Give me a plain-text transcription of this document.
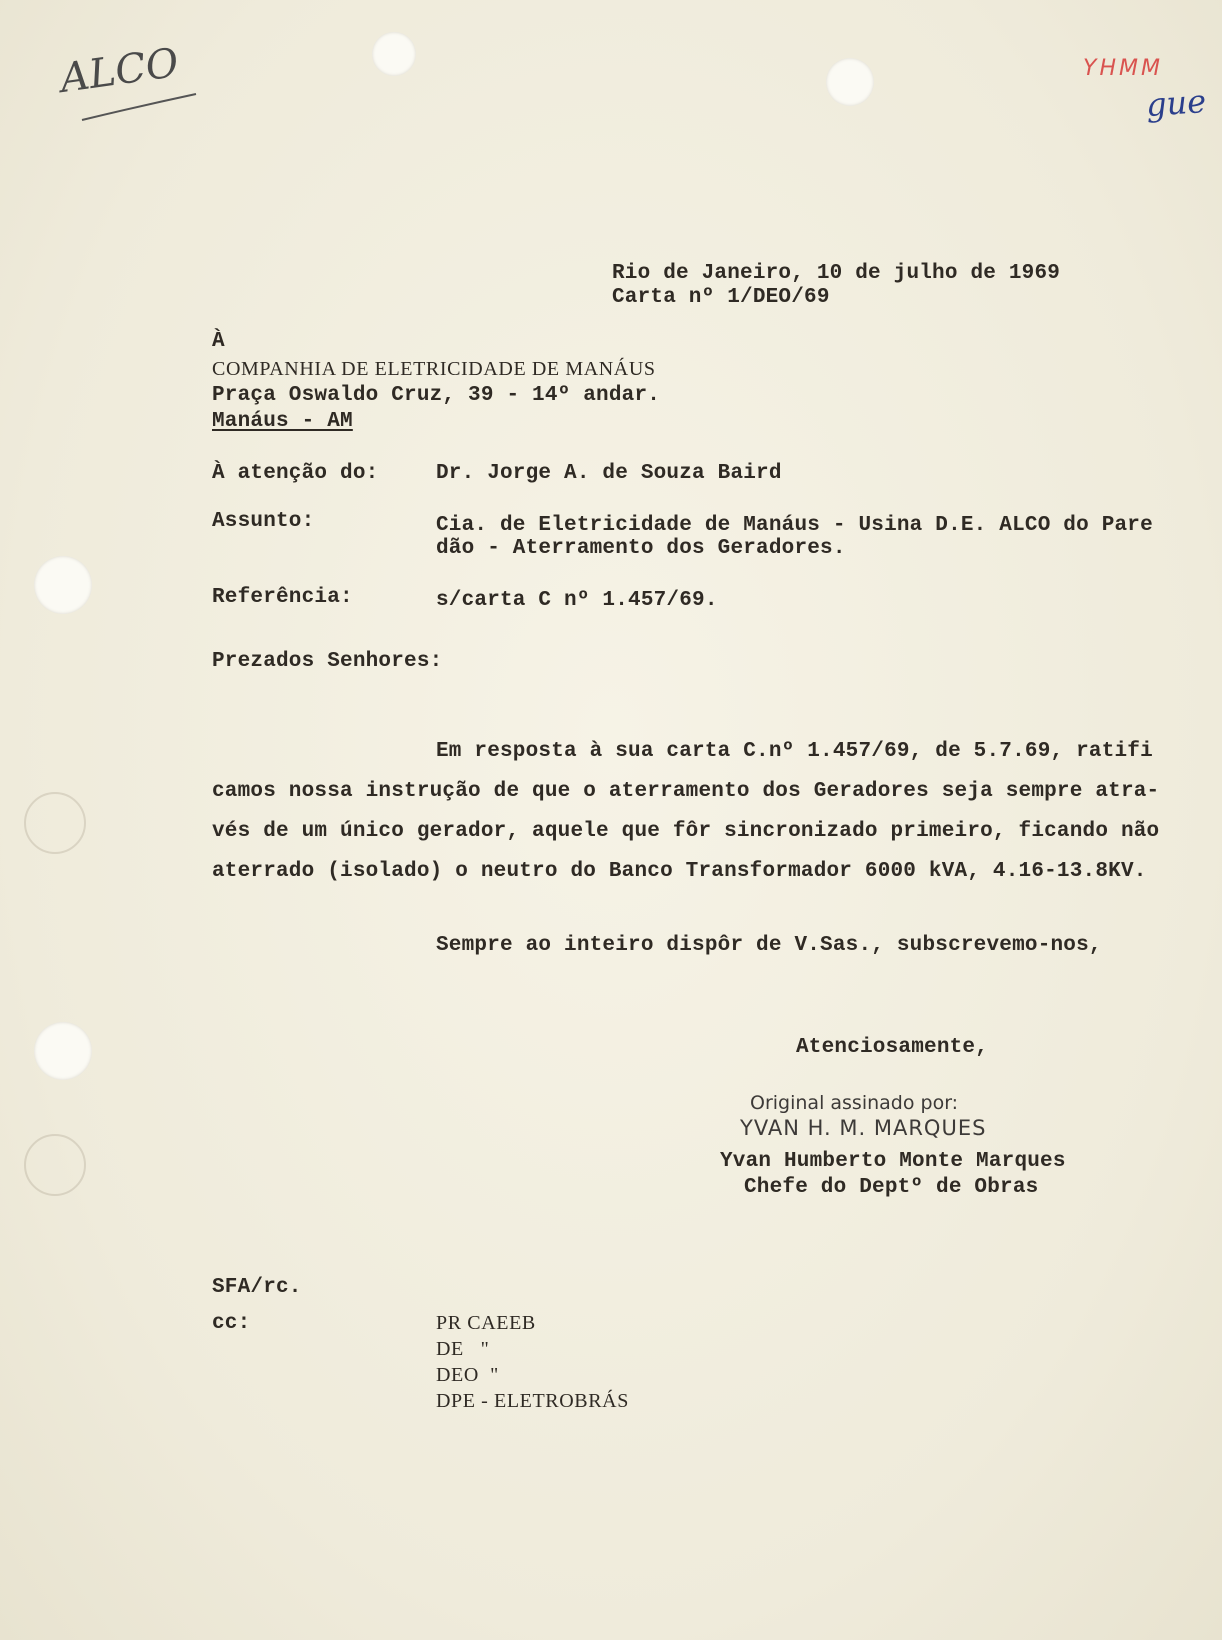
ALCO	YHMM
gue
Rio de Janeiro, 10 de julho de 1969
Carta nº 1/DEO/69
À
COMPANHIA DE ELETRICIDADE DE MANÁUS
Praça Oswaldo Cruz, 39 - 14º andar.
Manáus - AM
À atenção do:	Dr. Jorge A. de Souza Baird
Assunto:	Cia. de Eletricidade de Manáus - Usina D.E. ALCO do Pare
dão - Aterramento dos Geradores.
Referência:	s/carta C nº 1.457/69.
Prezados Senhores:
Em resposta à sua carta C.nº 1.457/69, de 5.7.69, ratifi
camos nossa instrução de que o aterramento dos Geradores seja sempre atra-
vés de um único gerador, aquele que fôr sincronizado primeiro, ficando não
aterrado (isolado) o neutro do Banco Transformador 6000 kVA, 4.16-13.8KV.
Sempre ao inteiro dispôr de V.Sas., subscrevemo-nos,
Atenciosamente,
Original assinado por:
YVAN H. M. MARQUES
Yvan Humberto Monte Marques
Chefe do Deptº de Obras
SFA/rc.
cc:	PR CAEEB
DE   "
DEO  "
DPE - ELETROBRÁS
